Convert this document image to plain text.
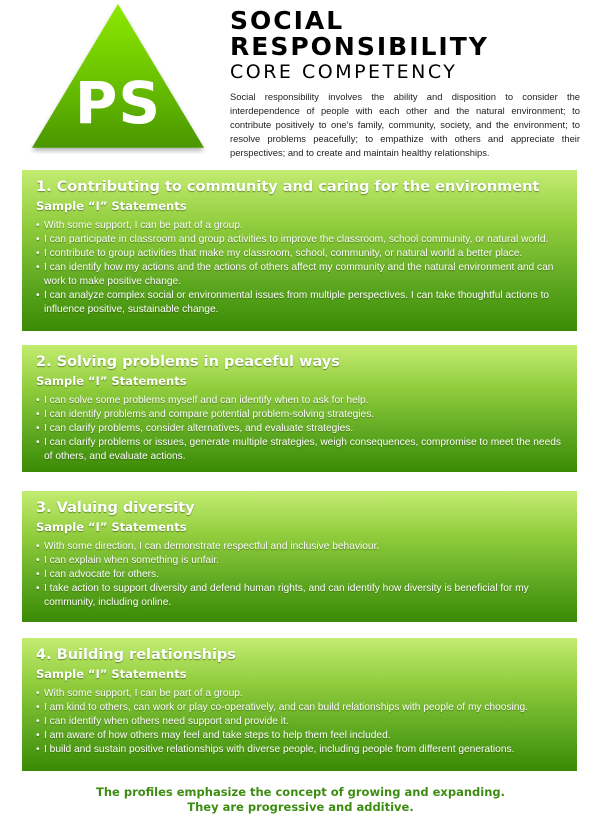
PS
SOCIAL
RESPONSIBILITY
CORE COMPETENCY

Social responsibility involves the ability and disposition to consider the interdependence of people with each other and the natural environment; to contribute positively to one’s family, community, society, and the environment; to resolve problems peacefully; to empathize with others and appreciate their perspectives; and to create and maintain healthy relationships.

1. Contributing to community and caring for the environment
Sample “I” Statements
• With some support, I can be part of a group.
• I can participate in classroom and group activities to improve the classroom, school community, or natural world.
• I contribute to group activities that make my classroom, school, community, or natural world a better place.
• I can identify how my actions and the actions of others affect my community and the natural environment and can work to make positive change.
• I can analyze complex social or environmental issues from multiple perspectives. I can take thoughtful actions to influence positive, sustainable change.
2. Solving problems in peaceful ways
Sample “I” Statements
• I can solve some problems myself and can identify when to ask for help.
• I can identify problems and compare potential problem-solving strategies.
• I can clarify problems, consider alternatives, and evaluate strategies.
• I can clarify problems or issues, generate multiple strategies, weigh consequences, compromise to meet the needs of others, and evaluate actions.
3. Valuing diversity
Sample “I” Statements
• With some direction, I can demonstrate respectful and inclusive behaviour.
• I can explain when something is unfair.
• I can advocate for others.
• I take action to support diversity and defend human rights, and can identify how diversity is beneficial for my community, including online.
4. Building relationships
Sample “I” Statements
• With some support, I can be part of a group.
• I am kind to others, can work or play co-operatively, and can build relationships with people of my choosing.
• I can identify when others need support and provide it.
• I am aware of how others may feel and take steps to help them feel included.
• I build and sustain positive relationships with diverse people, including people from different generations.
The profiles emphasize the concept of growing and expanding.
They are progressive and additive.
